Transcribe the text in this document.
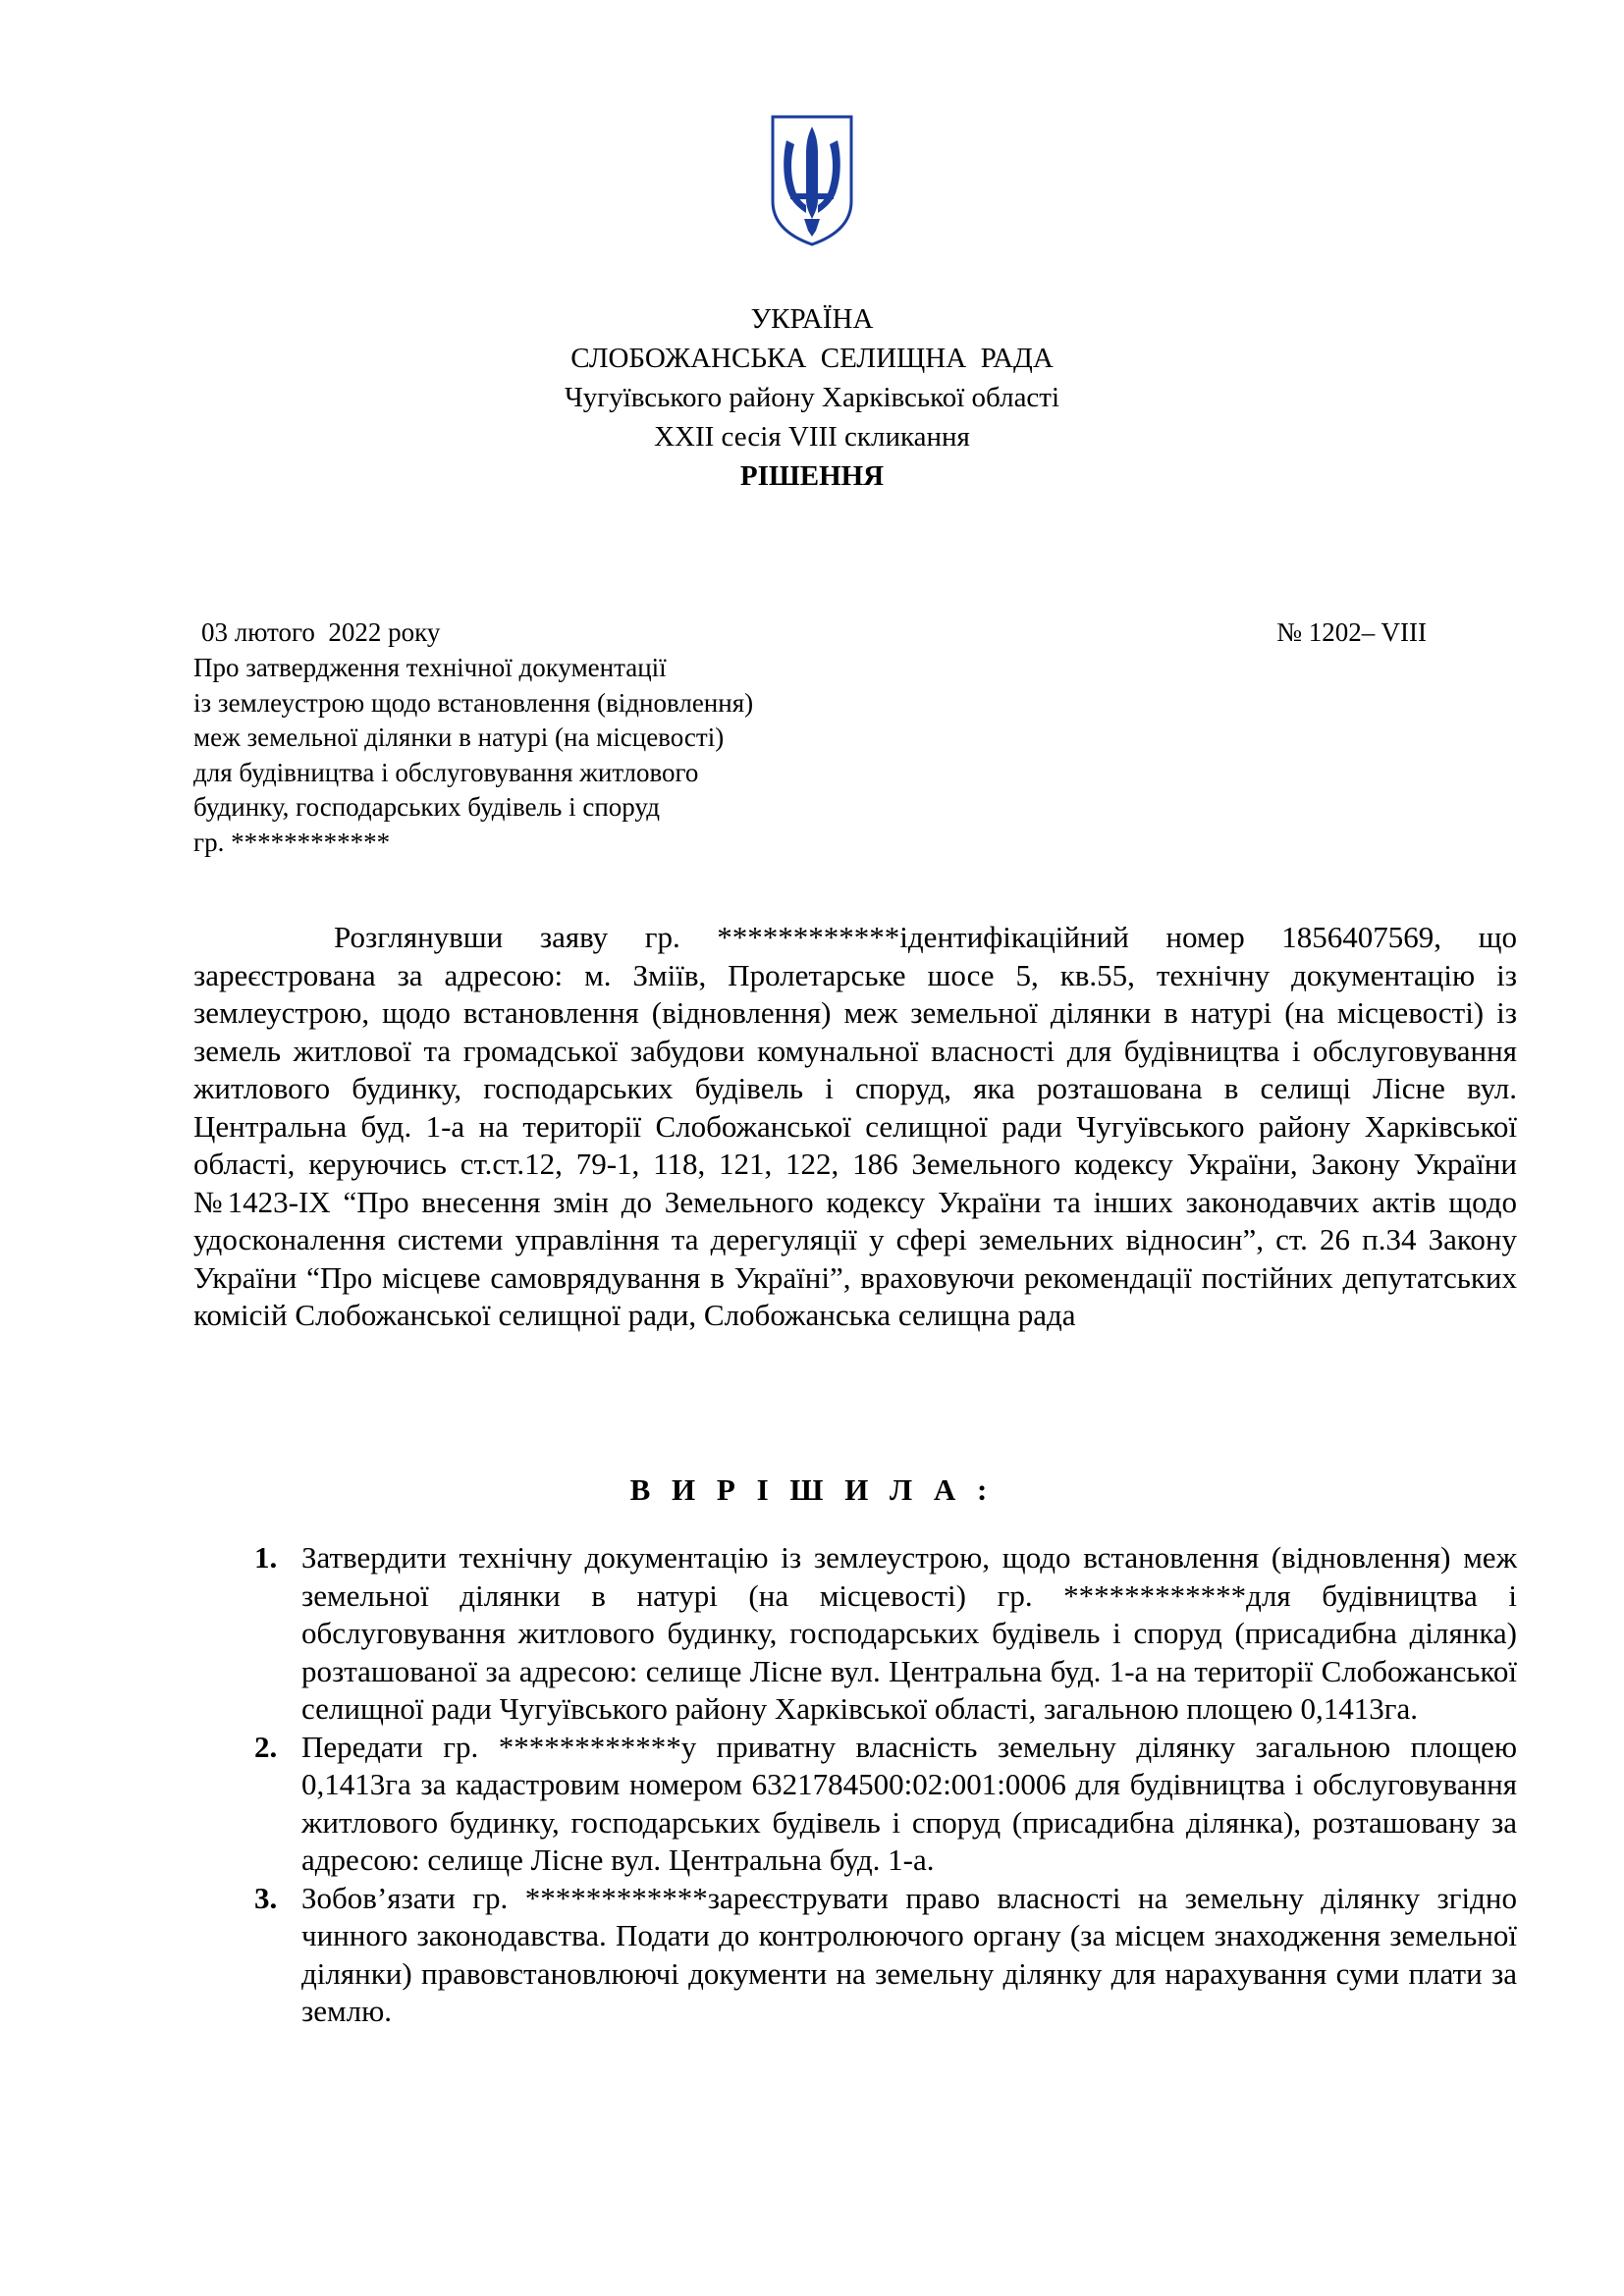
УКРАЇНА
СЛОБОЖАНСЬКА  СЕЛИЩНА  РАДА
Чугуївського району Харківської області
ХХІІ сесія VIII скликання
РІШЕННЯ
03 лютого  2022 року	№ 1202– VIII
Про затвердження технічної документації
із землеустрою щодо встановлення (відновлення)
меж земельної ділянки в натурі (на місцевості)
для будівництва і обслуговування житлового
будинку, господарських будівель і споруд
гр. ************
Розглянувши заяву гр. ************ідентифікаційний номер 1856407569, що зареєстрована за адресою: м. Зміїв, Пролетарське шосе 5, кв.55, технічну документацію із землеустрою, щодо встановлення (відновлення) меж земельної ділянки в натурі (на місцевості) із земель житлової та громадської забудови комунальної власності для будівництва і обслуговування житлового будинку, господарських будівель і споруд, яка розташована в селищі Лісне вул. Центральна буд. 1-а на території Слобожанської селищної ради Чугуївського району Харківської області, керуючись ст.ст.12, 79-1, 118, 121, 122, 186 Земельного кодексу України, Закону України №1423-IX “Про внесення змін до Земельного кодексу України та інших законодавчих актів щодо удосконалення системи управління та дерегуляції у сфері земельних відносин”, ст. 26 п.34 Закону України “Про місцеве самоврядування в Україні”, враховуючи рекомендації постійних депутатських комісій Слобожанської селищної ради, Слобожанська селищна рада
В И Р І Ш И Л А :
1. Затвердити технічну документацію із землеустрою, щодо встановлення (відновлення) меж земельної ділянки в натурі (на місцевості) гр. ************для будівництва і обслуговування житлового будинку, господарських будівель і споруд (присадибна ділянка) розташованої за адресою: селище Лісне вул. Центральна буд. 1-а на території Слобожанської селищної ради Чугуївського району Харківської області, загальною площею 0,1413га.
2. Передати гр. ************у приватну власність земельну ділянку загальною площею 0,1413га за кадастровим номером 6321784500:02:001:0006 для будівництва і обслуговування житлового будинку, господарських будівель і споруд (присадибна ділянка), розташовану за адресою: селище Лісне вул. Центральна буд. 1-а.
3. Зобов’язати гр. ************зареєструвати право власності на земельну ділянку згідно чинного законодавства. Подати до контролюючого органу (за місцем знаходження земельної ділянки) правовстановлюючі документи на земельну ділянку для нарахування суми плати за землю.
